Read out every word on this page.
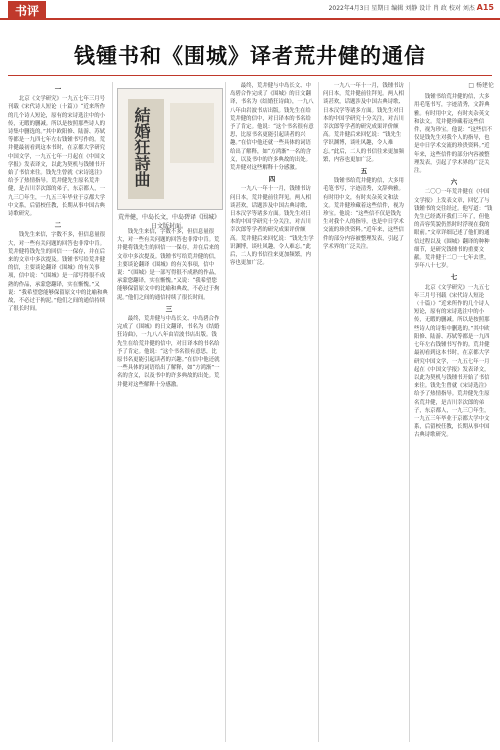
书评	2022年4月3日 星期日 编辑 刘静 设计 肖 政 校对 刘杰 A15
钱锺书和《围城》译者荒井健的通信
一

北京《文学研究》一九五七年三月号刊载《宋代诗人短论（十篇）》“近来所作的几个诗人短论，原有的宋诗选注中的小传，无暇的删减。所以是按照那些诗人的诗集中删选的。”其中欧阳修、陆游、苏轼等都是一九四七年左右钱锺书写作的。荒井健最初看到这本书时，在京都大学研究中国文学，一九五七年一月起在《中国文学报》发表译文，以此为契机与钱锺书开始了书信来往。钱先生曾就《宋诗选注》给予了热情指导。荒井健先生原名荒井健，是吉川幸次郎的弟子，东京都人，一九三〇年生，一九五三年毕业于京都大学中文系，后留校任教，长期从事中国古典诗歌研究。

二

钱先生来信，字数不多，但信息量很大，对一些有关问题的回答也非常中肯。荒井健将钱先生的回信一一保存，并在后来的文章中多次提及。钱锺书写给荒井健的信，主要谈论翻译《围城》的有关事项，信中说：“《围城》是一部写得很不成熟的作品，承蒙您翻译，实在惭愧。”又说：“我希望您能够保留原文中的比喻和典故，不必过于拘泥。”他们之间的通信持续了很长时间。

結婚狂詩曲
荒井健，中岛长文，中岛碧译《围城》日文版封面。

钱先生来信，字数不多，但信息量很大，对一些有关问题的回答也非常中肯。荒井健将钱先生的回信一一保存，并在后来的文章中多次提及。钱锺书写给荒井健的信，主要谈论翻译《围城》的有关事项，信中说：“《围城》是一部写得很不成熟的作品，承蒙您翻译，实在惭愧。”又说：“我希望您能够保留原文中的比喻和典故，不必过于拘泥。”他们之间的通信持续了很长时间。

三

最终，荒井健与中岛长文、中岛碧合作完成了《围城》的日文翻译，书名为《结婚狂诗曲》，一九八八年由岩波书店出版。钱先生在给荒井健的信中，对日译本的书名给予了肯定。他说：“这个书名很有意思，比原书名更能引起读者的兴趣。”在信中他还就一些具体的词语给出了解释，如“方鸿渐”一名的含义，以及书中的许多典故的出处。荒井健对这些解释十分感激。

最终，荒井健与中岛长文、中岛碧合作完成了《围城》的日文翻译，书名为《结婚狂诗曲》，一九八八年由岩波书店出版。钱先生在给荒井健的信中，对日译本的书名给予了肯定。他说：“这个书名很有意思，比原书名更能引起读者的兴趣。”在信中他还就一些具体的词语给出了解释，如“方鸿渐”一名的含义，以及书中的许多典故的出处。荒井健对这些解释十分感激。

四

一九八一年十一月，钱锺书访问日本，荒井健前往拜见。两人相谈甚欢，话题涉及中国古典诗歌、日本汉学等诸多方面。钱先生对日本的中国学研究十分关注，对吉川幸次郎等学者的研究成果评价颇高。荒井健后来回忆说：“钱先生学识渊博，谈吐风趣，令人难忘。”此后，二人的书信往来更加频繁，内容也更加广泛。

一九八一年十一月，钱锺书访问日本，荒井健前往拜见。两人相谈甚欢，话题涉及中国古典诗歌、日本汉学等诸多方面。钱先生对日本的中国学研究十分关注，对吉川幸次郎等学者的研究成果评价颇高。荒井健后来回忆说：“钱先生学识渊博，谈吐风趣，令人难忘。”此后，二人的书信往来更加频繁，内容也更加广泛。

五

钱锺书给荒井健的信，大多用毛笔书写，字迹清秀，文辞典雅。有时用中文，有时夹杂英文和法文。荒井健珍藏着这些信件，视为珍宝。他说：“这些信不仅是钱先生对我个人的指导，也是中日学术交流的珍贵资料。”近年来，这些信件的部分内容被整理发表，引起了学术界的广泛关注。

□ 杨建伦

钱锺书给荒井健的信，大多用毛笔书写，字迹清秀，文辞典雅。有时用中文，有时夹杂英文和法文。荒井健珍藏着这些信件，视为珍宝。他说：“这些信不仅是钱先生对我个人的指导，也是中日学术交流的珍贵资料。”近年来，这些信件的部分内容被整理发表，引起了学术界的广泛关注。

六

二〇〇一年荒井健在《中国文学报》上发表文章，回忆了与钱锺书的交往经过。他写道：“钱先生已经离开我们三年了，但他的音容笑貌仍然时时浮现在我的眼前。”文章详细记述了他们的通信过程以及《围城》翻译的种种细节，是研究钱锺书的重要文献。荒井健于二〇一七年去世，享年八十七岁。

七

北京《文学研究》一九五七年三月号刊载《宋代诗人短论（十篇）》“近来所作的几个诗人短论，原有的宋诗选注中的小传，无暇的删减。所以是按照那些诗人的诗集中删选的。”其中欧阳修、陆游、苏轼等都是一九四七年左右钱锺书写作的。荒井健最初看到这本书时，在京都大学研究中国文学，一九五七年一月起在《中国文学报》发表译文，以此为契机与钱锺书开始了书信来往。钱先生曾就《宋诗选注》给予了热情指导。荒井健先生原名荒井健，是吉川幸次郎的弟子，东京都人，一九三〇年生，一九五三年毕业于京都大学中文系，后留校任教，长期从事中国古典诗歌研究。
